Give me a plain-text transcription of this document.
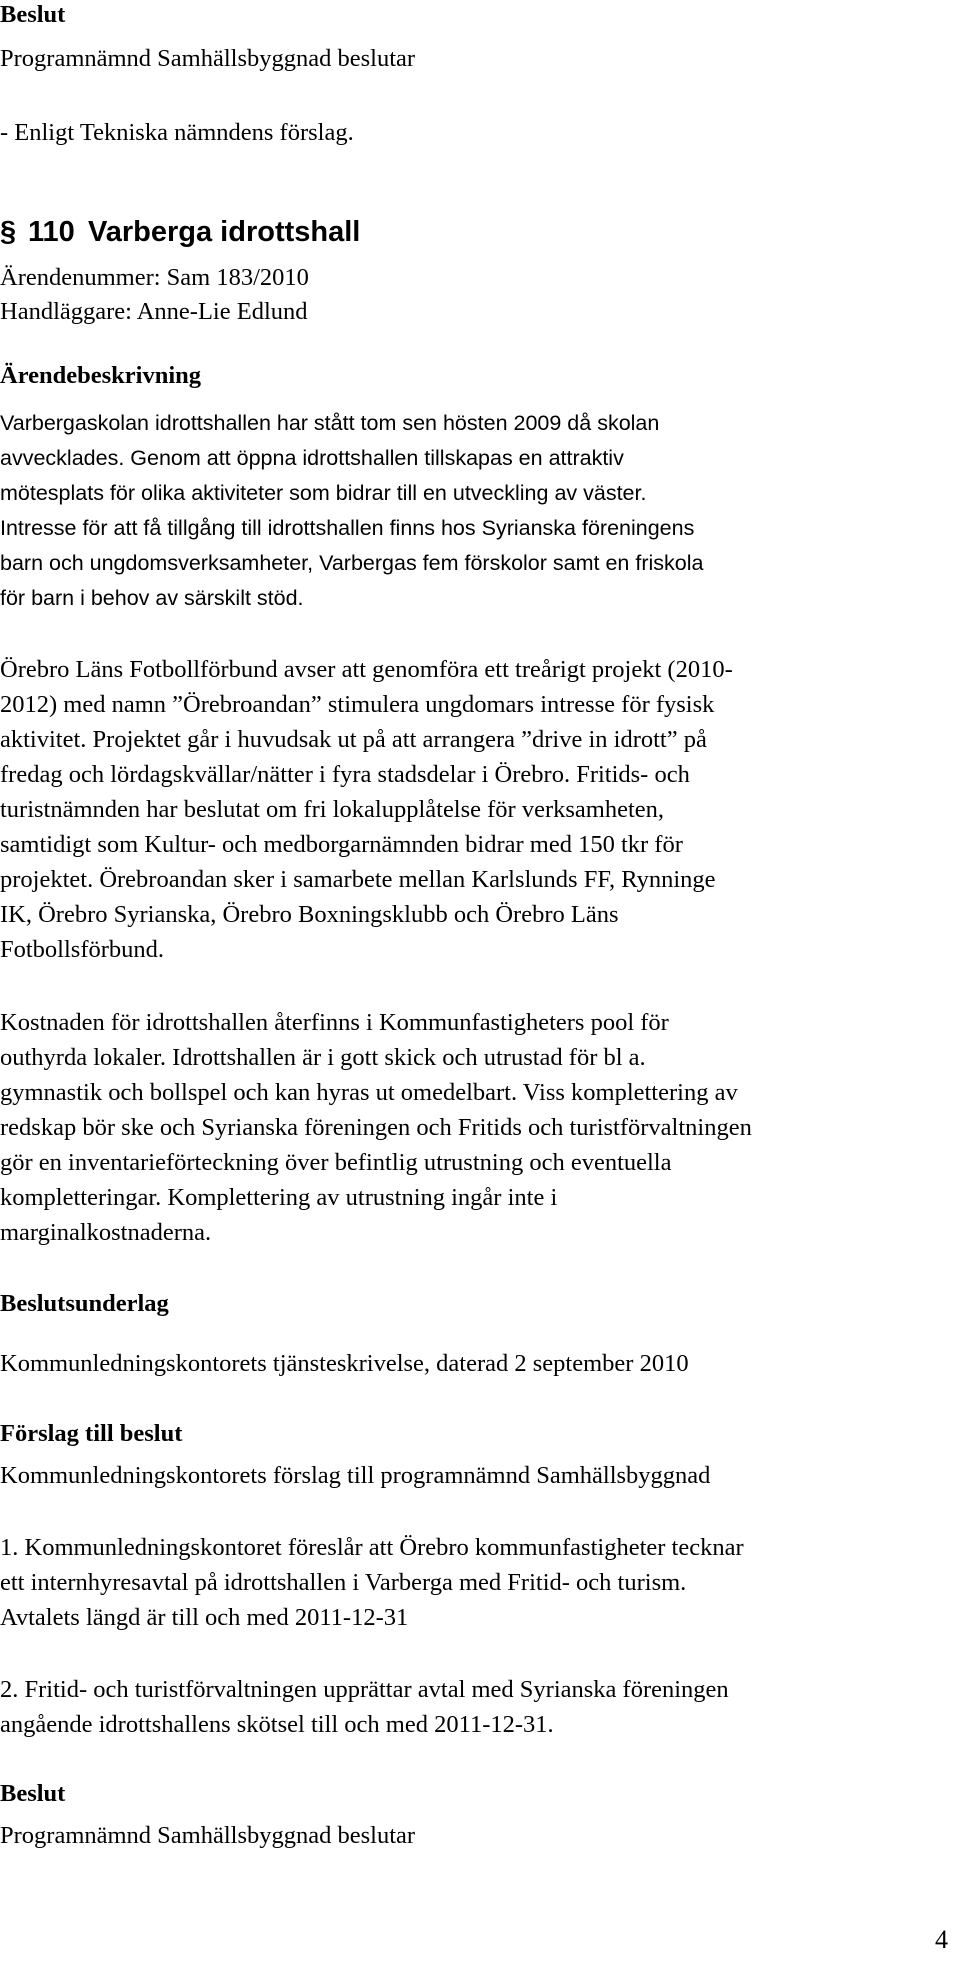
Beslut
Programnämnd Samhällsbyggnad beslutar
- Enligt Tekniska nämndens förslag.
§ 110 Varberga idrottshall
Ärendenummer: Sam 183/2010
Handläggare: Anne-Lie Edlund
Ärendebeskrivning
Varbergaskolan idrottshallen har stått tom sen hösten 2009 då skolan
avvecklades. Genom att öppna idrottshallen tillskapas en attraktiv
mötesplats för olika aktiviteter som bidrar till en utveckling av väster.
Intresse för att få tillgång till idrottshallen finns hos Syrianska föreningens
barn och ungdomsverksamheter, Varbergas fem förskolor samt en friskola
för barn i behov av särskilt stöd.
Örebro Läns Fotbollförbund avser att genomföra ett treårigt projekt (2010-
2012) med namn ”Örebroandan” stimulera ungdomars intresse för fysisk
aktivitet. Projektet går i huvudsak ut på att arrangera ”drive in idrott” på
fredag och lördagskvällar/nätter i fyra stadsdelar i Örebro. Fritids- och
turistnämnden har beslutat om fri lokalupplåtelse för verksamheten,
samtidigt som Kultur- och medborgarnämnden bidrar med 150 tkr för
projektet. Örebroandan sker i samarbete mellan Karlslunds FF, Rynninge
IK, Örebro Syrianska, Örebro Boxningsklubb och Örebro Läns
Fotbollsförbund.
Kostnaden för idrottshallen återfinns i Kommunfastigheters pool för
outhyrda lokaler. Idrottshallen är i gott skick och utrustad för bl a.
gymnastik och bollspel och kan hyras ut omedelbart. Viss komplettering av
redskap bör ske och Syrianska föreningen och Fritids och turistförvaltningen
gör en inventarieförteckning över befintlig utrustning och eventuella
kompletteringar. Komplettering av utrustning ingår inte i
marginalkostnaderna.
Beslutsunderlag
Kommunledningskontorets tjänsteskrivelse, daterad 2 september 2010
Förslag till beslut
Kommunledningskontorets förslag till programnämnd Samhällsbyggnad
1. Kommunledningskontoret föreslår att Örebro kommunfastigheter tecknar
ett internhyresavtal på idrottshallen i Varberga med Fritid- och turism.
Avtalets längd är till och med 2011-12-31
2. Fritid- och turistförvaltningen upprättar avtal med Syrianska föreningen
angående idrottshallens skötsel till och med 2011-12-31.
Beslut
Programnämnd Samhällsbyggnad beslutar
4
